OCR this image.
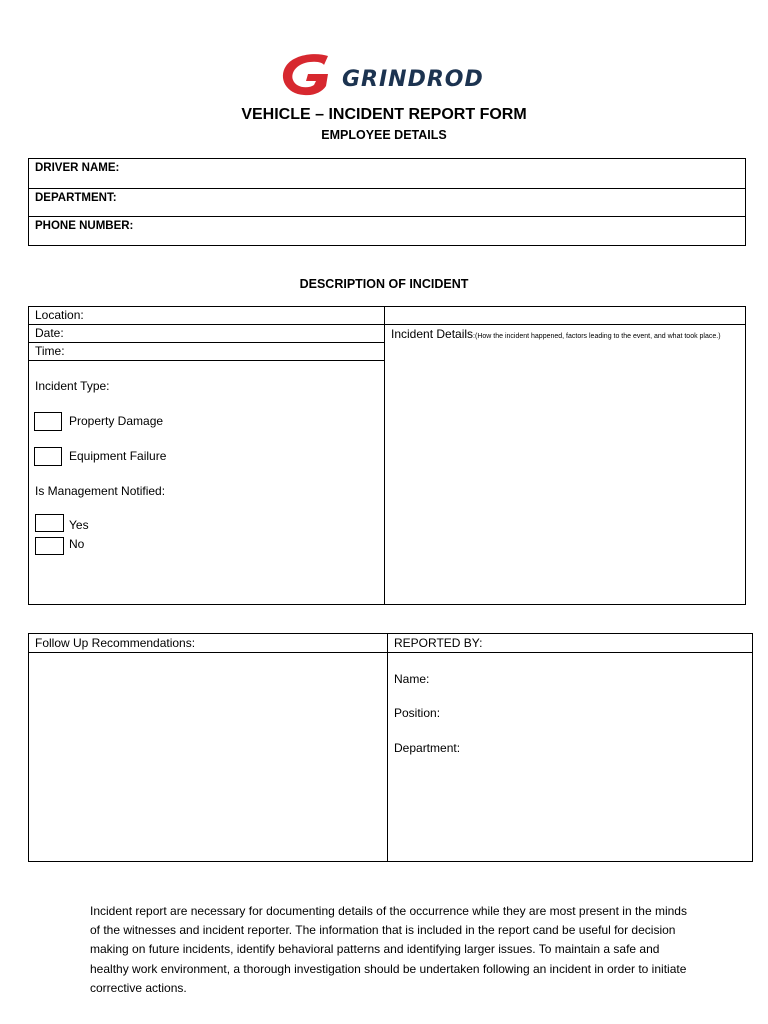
GRINDROD
VEHICLE – INCIDENT REPORT FORM
EMPLOYEE DETAILS
DRIVER NAME:
DEPARTMENT:
PHONE NUMBER:
DESCRIPTION OF INCIDENT
Location:
Date:
Time:
Incident Type:
Property Damage
Equipment Failure
Is Management Notified:
Yes
No
Incident Details:(How the incident happened, factors leading to the event, and what took place.)
Follow Up Recommendations:	REPORTED BY:
Name:
Position:
Department:

Incident report are necessary for documenting details of the occurrence while they are most present in the minds of the witnesses and incident reporter. The information that is included in the report cand be useful for decision making on future incidents, identify behavioral patterns and identifying larger issues. To maintain a safe and healthy work environment, a thorough investigation should be undertaken following an incident in order to initiate corrective actions.
